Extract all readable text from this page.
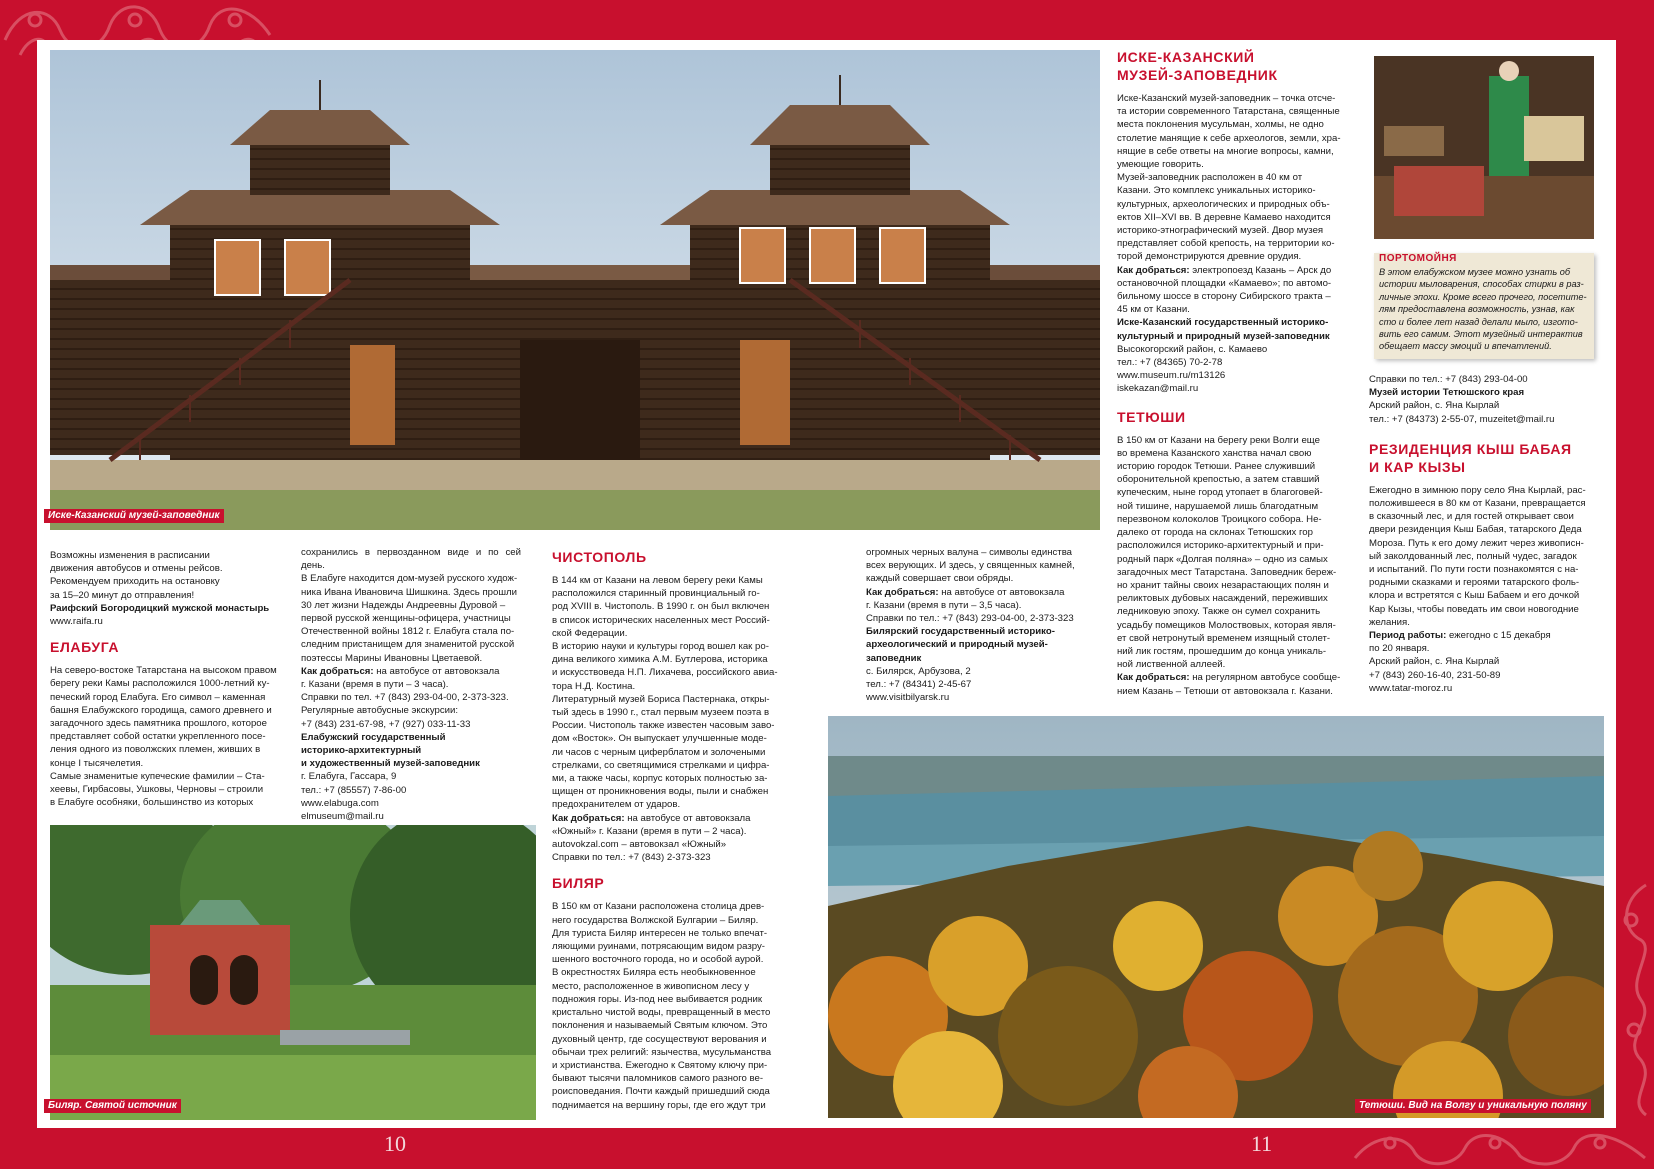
Иске-Казанский музей-заповедник
Биляр. Святой источник	Тетюши. Вид на Волгу и уникальную поляну
ПОРТОМОЙНЯ

В этом елабужском музее можно узнать об

истории мыловарения, способах стирки в раз-

личные эпохи. Кроме всего прочего, посетите-

лям предоставлена возможность, узнав, как

сто и более лет назад делали мыло, изгото-

вить его самим. Этот музейный интерактив

обещает массу эмоций и впечатлений.

Возможны изменения в расписании

движения автобусов и отмены рейсов.

Рекомендуем приходить на остановку

за 15–20 минут до отправления!

Раифский Богородицкий мужской монастырь

www.raifa.ru

ЕЛАБУГА

На северо-востоке Татарстана на высоком правом

берегу реки Камы расположился 1000-летний ку-

печеский город Елабуга. Его символ – каменная

башня Елабужского городища, самого древнего и

загадочного здесь памятника прошлого, которое

представляет собой остатки укрепленного посе-

ления одного из поволжских племен, живших в

конце I тысячелетия.

Самые знаменитые купеческие фамилии – Ста-

хеевы, Гирбасовы, Ушковы, Черновы – строили

в Елабуге особняки, большинство из которых

сохранились в первозданном виде и по сей день.

В Елабуге находится дом-музей русского худож-

ника Ивана Ивановича Шишкина. Здесь прошли

30 лет жизни Надежды Андреевны Дуровой –

первой русской женщины-офицера, участницы

Отечественной войны 1812 г. Елабуга стала по-

следним пристанищем для знаменитой русской

поэтессы Марины Ивановны Цветаевой.

Как добраться: на автобусе от автовокзала

г. Казани (время в пути – 3 часа).

Справки по тел. +7 (843) 293-04-00, 2-373-323.

Регулярные автобусные экскурсии:

+7 (843) 231-67-98, +7 (927) 033-11-33

Елабужский государственный

историко-архитектурный

и художественный музей-заповедник

г. Елабуга, Гассара, 9

тел.: +7 (85557) 7-86-00

www.elabuga.com

elmuseum@mail.ru

ЧИСТОПОЛЬ

В 144 км от Казани на левом берегу реки Камы

расположился старинный провинциальный го-

род XVIII в. Чистополь. В 1990 г. он был включен

в список исторических населенных мест Россий-

ской Федерации.

В историю науки и культуры город вошел как ро-

дина великого химика А.М. Бутлерова, историка

и искусствоведа Н.П. Лихачева, российского авиа-

тора Н.Д. Костина.

Литературный музей Бориса Пастернака, откры-

тый здесь в 1990 г., стал первым музеем поэта в

России. Чистополь также известен часовым заво-

дом «Восток». Он выпускает улучшенные моде-

ли часов с черным циферблатом и золочеными

стрелками, со светящимися стрелками и цифра-

ми, а также часы, корпус которых полностью за-

щищен от проникновения воды, пыли и снабжен

предохранителем от ударов.

Как добраться: на автобусе от автовокзала

«Южный» г. Казани (время в пути – 2 часа).

autovokzal.com – автовокзал «Южный»

Справки по тел.: +7 (843) 2-373-323

БИЛЯР

В 150 км от Казани расположена столица древ-

него государства Волжской Булгарии – Биляр.

Для туриста Биляр интересен не только впечат-

ляющими руинами, потрясающим видом разру-

шенного восточного города, но и особой аурой.

В окрестностях Биляра есть необыкновенное

место, расположенное в живописном лесу у

подножия горы. Из-под нее выбивается родник

кристально чистой воды, превращенный в место

поклонения и называемый Святым ключом. Это

духовный центр, где сосуществуют верования и

обычаи трех религий: язычества, мусульманства

и христианства. Ежегодно к Святому ключу при-

бывают тысячи паломников самого разного ве-

роисповедания. Почти каждый пришедший сюда

поднимается на вершину горы, где его ждут три

огромных черных валуна – символы единства

всех верующих. И здесь, у священных камней,

каждый совершает свои обряды.

Как добраться: на автобусе от автовокзала

г. Казани (время в пути – 3,5 часа).

Справки по тел.: +7 (843) 293-04-00, 2-373-323

Билярский государственный историко-

археологический и природный музей-

заповедник

с. Билярск, Арбузова, 2

тел.: +7 (84341) 2-45-67

www.visitbilyarsk.ru

ИСКЕ-КАЗАНСКИЙ
МУЗЕЙ-ЗАПОВЕДНИК

Иске-Казанский музей-заповедник – точка отсче-

та истории современного Татарстана, священные

места поклонения мусульман, холмы, не одно

столетие манящие к себе археологов, земли, хра-

нящие в себе ответы на многие вопросы, камни,

умеющие говорить.

Музей-заповедник расположен в 40 км от

Казани. Это комплекс уникальных историко-

культурных, археологических и природных объ-

ектов XII–XVI вв. В деревне Камаево находится

историко-этнографический музей. Двор музея

представляет собой крепость, на территории ко-

торой демонстрируются древние орудия.

Как добраться: электропоезд Казань – Арск до

остановочной площадки «Камаево»; по автомо-

бильному шоссе в сторону Сибирского тракта –

45 км от Казани.

Иске-Казанский государственный историко-

культурный и природный музей-заповедник

Высокогорский район, с. Камаево

тел.: +7 (84365) 70-2-78

www.museum.ru/m13126

iskekazan@mail.ru

ТЕТЮШИ

В 150 км от Казани на берегу реки Волги еще

во времена Казанского ханства начал свою

историю городок Тетюши. Ранее служивший

оборонительной крепостью, а затем ставший

купеческим, ныне город утопает в благоговей-

ной тишине, нарушаемой лишь благодатным

перезвоном колоколов Троицкого собора. Не-

далеко от города на склонах Тетюшских гор

расположился историко-архитектурный и при-

родный парк «Долгая поляна» – одно из самых

загадочных мест Татарстана. Заповедник береж-

но хранит тайны своих незарастающих полян и

реликтовых дубовых насаждений, переживших

ледниковую эпоху. Также он сумел сохранить

усадьбу помещиков Молоствовых, которая явля-

ет свой нетронутый временем изящный столет-

ний лик гостям, прошедшим до конца уникаль-

ной лиственной аллеей.

Как добраться: на регулярном автобусе сообще-

нием Казань – Тетюши от автовокзала г. Казани.

Справки по тел.: +7 (843) 293-04-00

Музей истории Тетюшского края

Арский район, с. Яна Кырлай

тел.: +7 (84373) 2-55-07, muzeitet@mail.ru

РЕЗИДЕНЦИЯ КЫШ БАБАЯ
И КАР КЫЗЫ

Ежегодно в зимнюю пору село Яна Кырлай, рас-

положившееся в 80 км от Казани, превращается

в сказочный лес, и для гостей открывает свои

двери резиденция Кыш Бабая, татарского Деда

Мороза. Путь к его дому лежит через живописн-

ый заколдованный лес, полный чудес, загадок

и испытаний. По пути гости познакомятся с на-

родными сказками и героями татарского фоль-

клора и встретятся с Кыш Бабаем и его дочкой

Кар Кызы, чтобы поведать им свои новогодние

желания.

Период работы: ежегодно с 15 декабря

по 20 января.

Арский район, с. Яна Кырлай

+7 (843) 260-16-40, 231-50-89

www.tatar-moroz.ru

10	11
